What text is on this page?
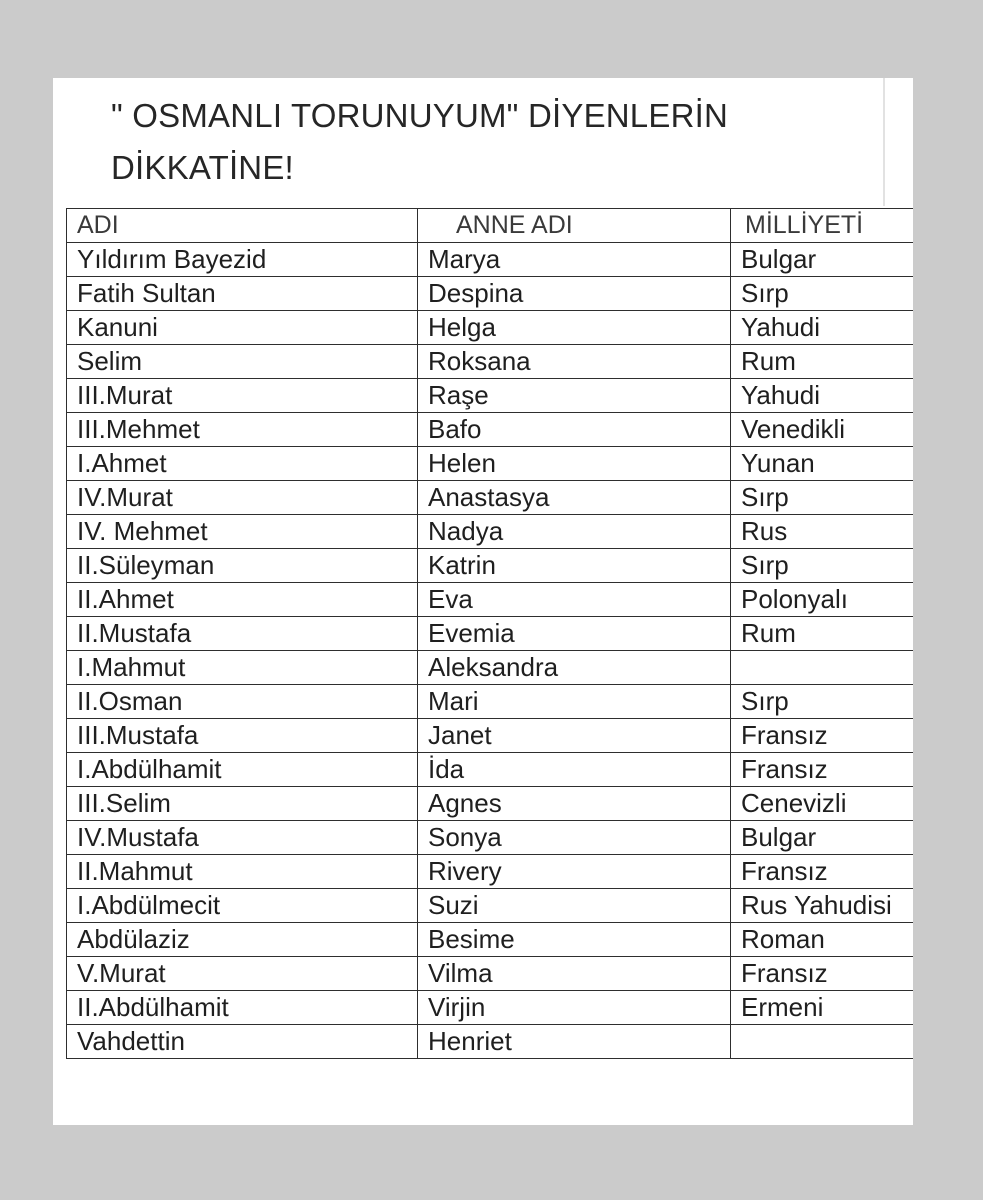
" OSMANLI TORUNUYUM" DİYENLERİN DİKKATİNE!
ADI	ANNE ADI	MİLLİYETİ
Yıldırım Bayezid	Marya	Bulgar
Fatih Sultan	Despina	Sırp
Kanuni	Helga	Yahudi
Selim	Roksana	Rum
III.Murat	Raşe	Yahudi
III.Mehmet	Bafo	Venedikli
I.Ahmet	Helen	Yunan
IV.Murat	Anastasya	Sırp
IV. Mehmet	Nadya	Rus
II.Süleyman	Katrin	Sırp
II.Ahmet	Eva	Polonyalı
II.Mustafa	Evemia	Rum
I.Mahmut	Aleksandra	
II.Osman	Mari	Sırp
III.Mustafa	Janet	Fransız
I.Abdülhamit	İda	Fransız
III.Selim	Agnes	Cenevizli
IV.Mustafa	Sonya	Bulgar
II.Mahmut	Rivery	Fransız
I.Abdülmecit	Suzi	Rus Yahudisi
Abdülaziz	Besime	Roman
V.Murat	Vilma	Fransız
II.Abdülhamit	Virjin	Ermeni
Vahdettin	Henriet	
